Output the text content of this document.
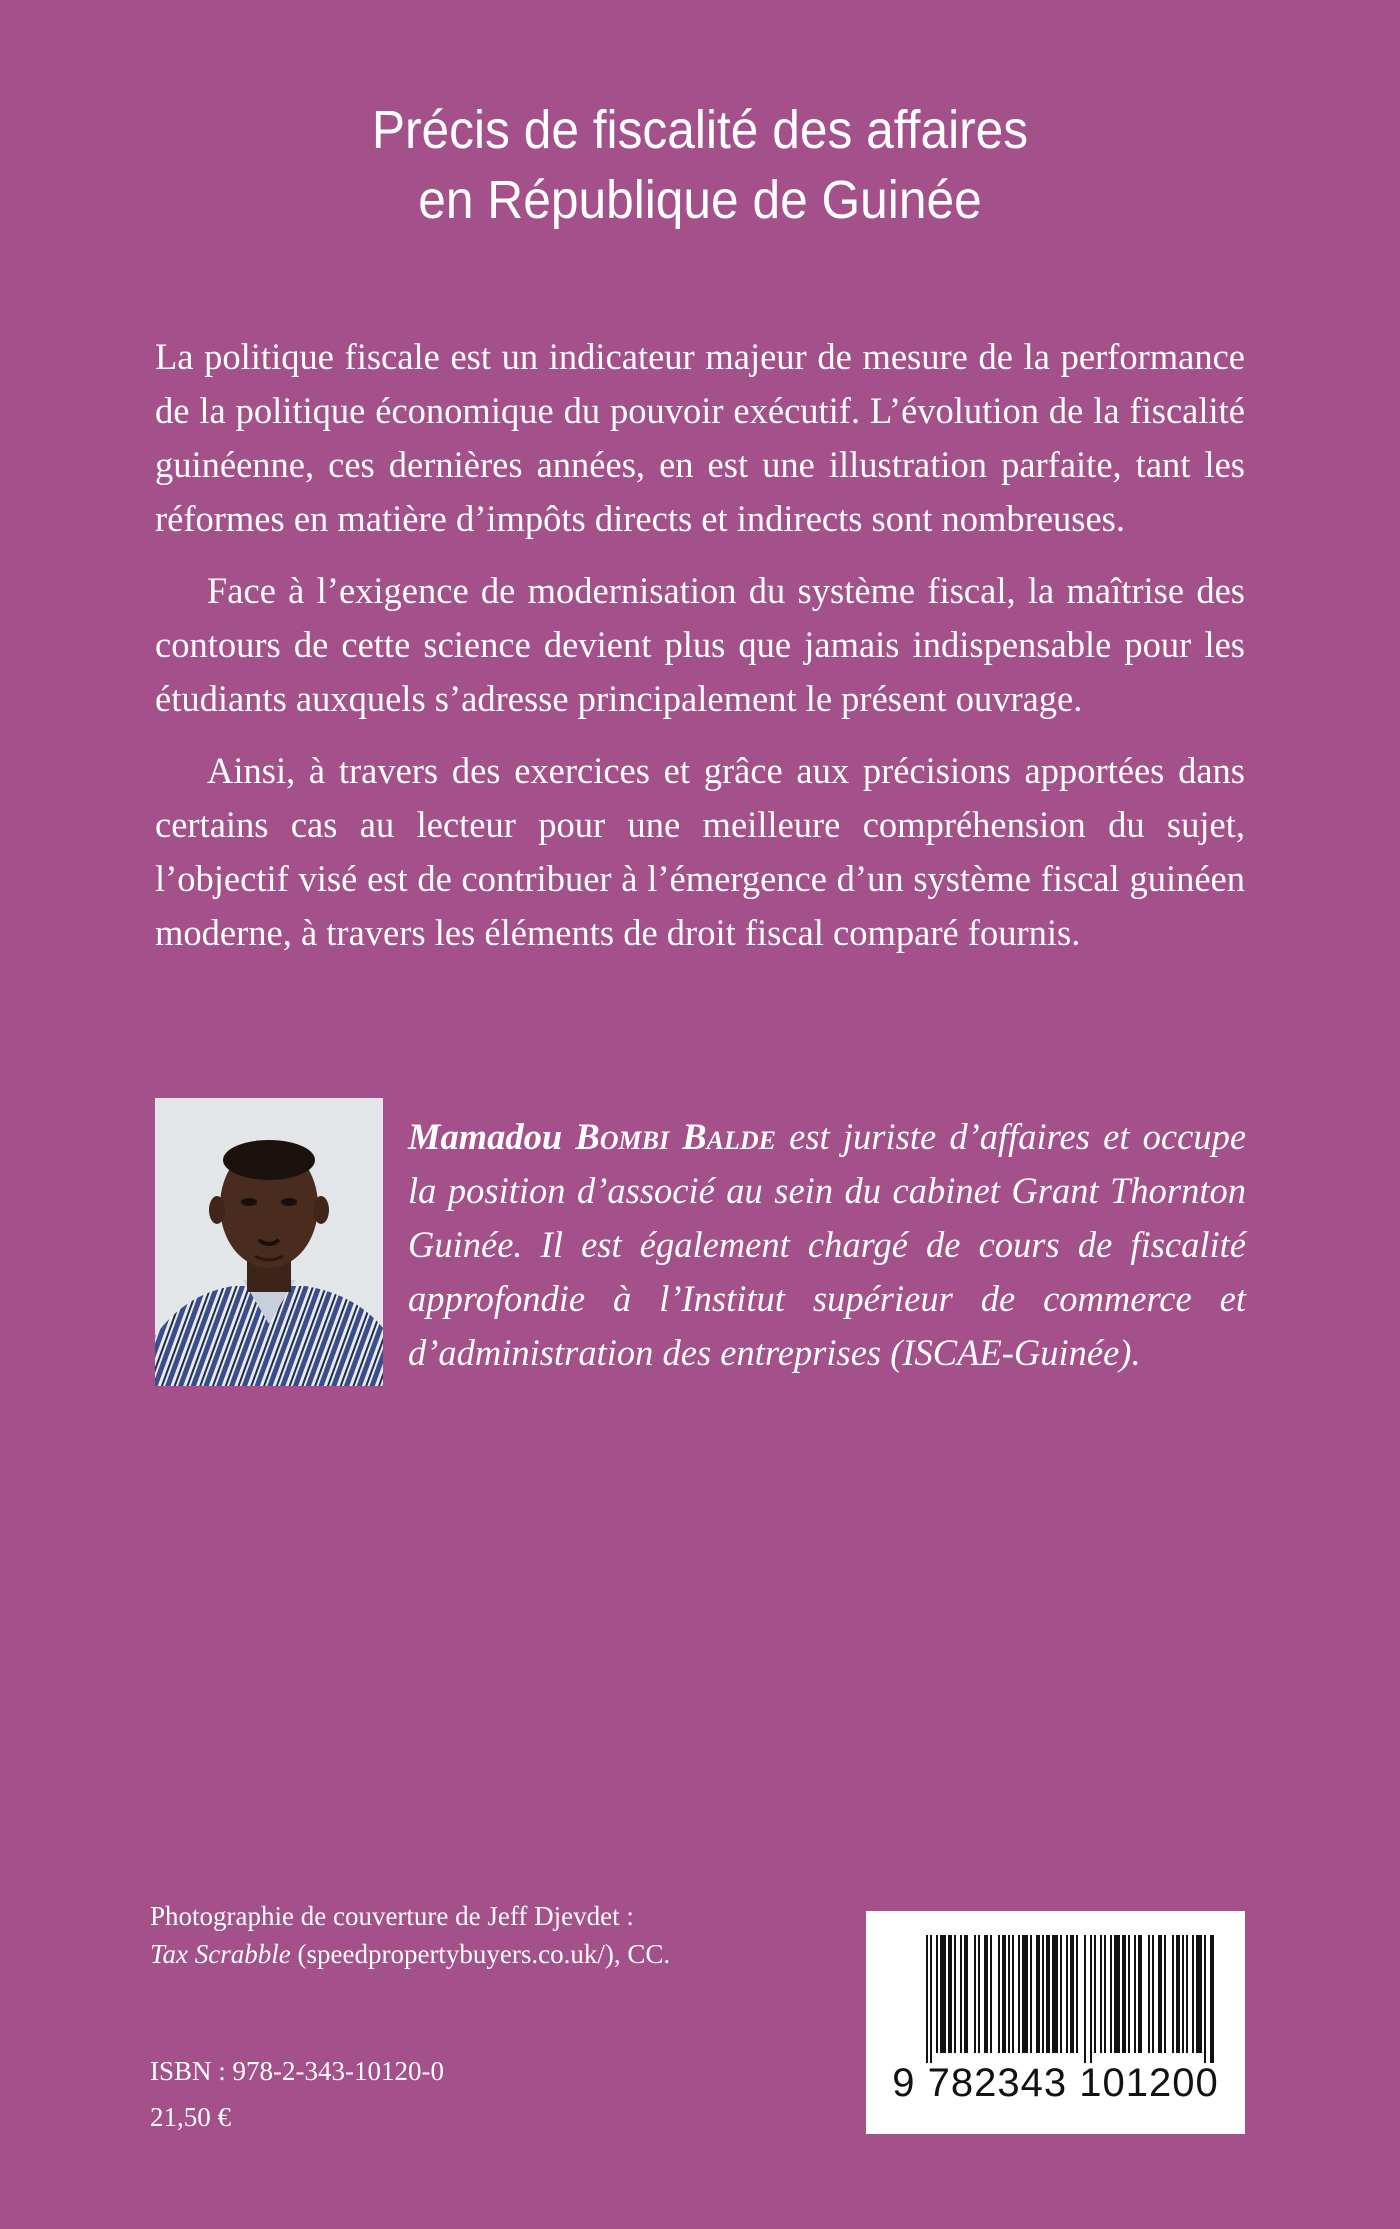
Précis de fiscalité des affaires
en République de Guinée

La politique fiscale est un indicateur majeur de mesure de la performance de la politique économique du pouvoir exécutif. L’évolution de la fiscalité guinéenne, ces dernières années, en est une illustration parfaite, tant les réformes en matière d’impôts directs et indirects sont nombreuses.

Face à l’exigence de modernisation du système fiscal, la maîtrise des contours de cette science devient plus que jamais indispensable pour les étudiants auxquels s’adresse principalement le présent ouvrage.

Ainsi, à travers des exercices et grâce aux précisions apportées dans certains cas au lecteur pour une meilleure compréhension du sujet, l’objectif visé est de contribuer à l’émergence d’un système fiscal guinéen moderne, à travers les éléments de droit fiscal comparé fournis.

Mamadou Bombi Balde est juriste d’affaires et occupe la position d’associé au sein du cabinet Grant Thornton Guinée. Il est également chargé de cours de fiscalité approfondie à l’Institut supérieur de commerce et d’administration des entreprises (ISCAE-Guinée).
Photographie de couverture de Jeff Djevdet :
Tax Scrabble (speedpropertybuyers.co.uk/), CC.
ISBN : 978-2-343-10120-0
21,50 €
9 782343 101200
